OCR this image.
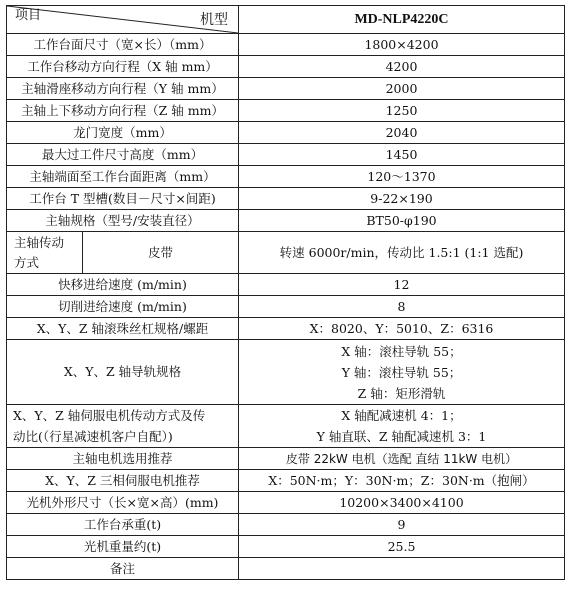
项目 机型		MD-NLP4220C
工作台面尺寸（宽×长）（mm）		1800×4200
工作台移动方向行程（X 轴 mm）		4200
主轴滑座移动方向行程（Y 轴 mm）		2000
主轴上下移动方向行程（Z 轴 mm）		1250
龙门宽度（mm）		2040
最大过工件尺寸高度（mm）		1450
主轴端面至工作台面距离（mm）		120～1370
工作台 T 型槽(数目－尺寸×间距)		9-22×190
主轴规格（型号/安装直径）		BT50-φ190

主轴传动
方式	皮带	转速 6000r/min，传动比 1.5:1 (1:1 选配)
快移进给速度 (m/min)		12
切削进给速度 (m/min)		8
X、Y、Z 轴滚珠丝杠规格/螺距		X：8020、Y：5010、Z：6316
X、Y、Z 轴导轨规格		X 轴：滚柱导轨 55；
Y 轴：滚柱导轨 55；
Z 轴：矩形滑轨

X、Y、Z 轴伺服电机传动方式及传
动比(（行星减速机客户自配）)		X 轴配减速机 4：1；
Y 轴直联、Z 轴配减速机 3：1

主轴电机选用推荐		皮带 22kW 电机（选配 直结 11kW 电机）
X、Y、Z 三相伺服电机推荐		X：50N·m；Y：30N·m；Z：30N·m（抱闸）
光机外形尺寸（长×宽×高）(mm)		10200×3400×4100
工作台承重(t)		9
光机重量约(t)		25.5
备注		
